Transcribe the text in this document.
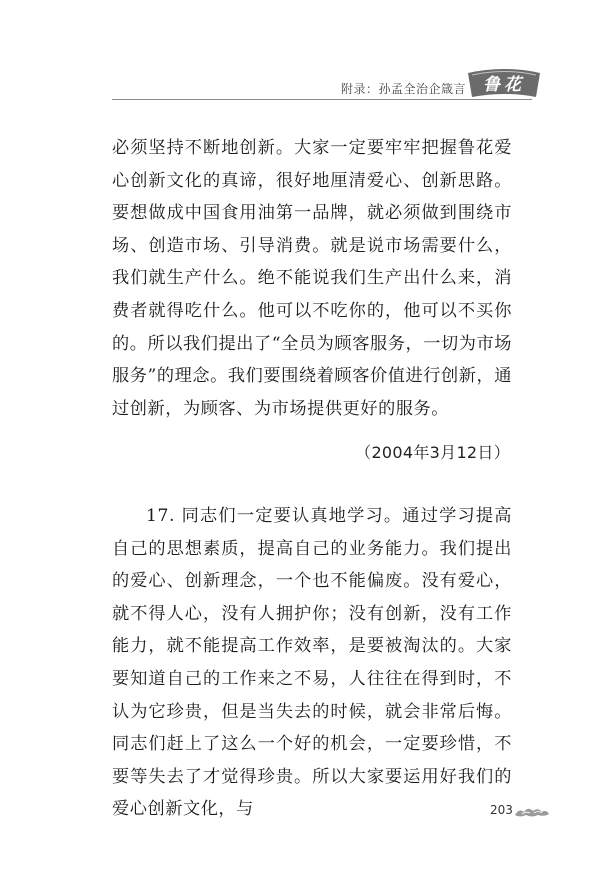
附录：孙孟全治企箴言	鲁花

必须坚持不断地创新。大家一定要牢牢把握鲁花爱心创新文化的真谛，很好地厘清爱心、创新思路。要想做成中国食用油第一品牌，就必须做到围绕市场、创造市场、引导消费。就是说市场需要什么，我们就生产什么。绝不能说我们生产出什么来，消费者就得吃什么。他可以不吃你的，他可以不买你的。所以我们提出了“全员为顾客服务，一切为市场服务”的理念。我们要围绕着顾客价值进行创新，通过创新，为顾客、为市场提供更好的服务。

（2004年3月12日）

17. 同志们一定要认真地学习。通过学习提高自己的思想素质，提高自己的业务能力。我们提出的爱心、创新理念，一个也不能偏废。没有爱心，就不得人心，没有人拥护你；没有创新，没有工作能力，就不能提高工作效率，是要被淘汰的。大家要知道自己的工作来之不易，人往往在得到时，不认为它珍贵，但是当失去的时候，就会非常后悔。同志们赶上了这么一个好的机会，一定要珍惜，不要等失去了才觉得珍贵。所以大家要运用好我们的爱心创新文化，与	203
